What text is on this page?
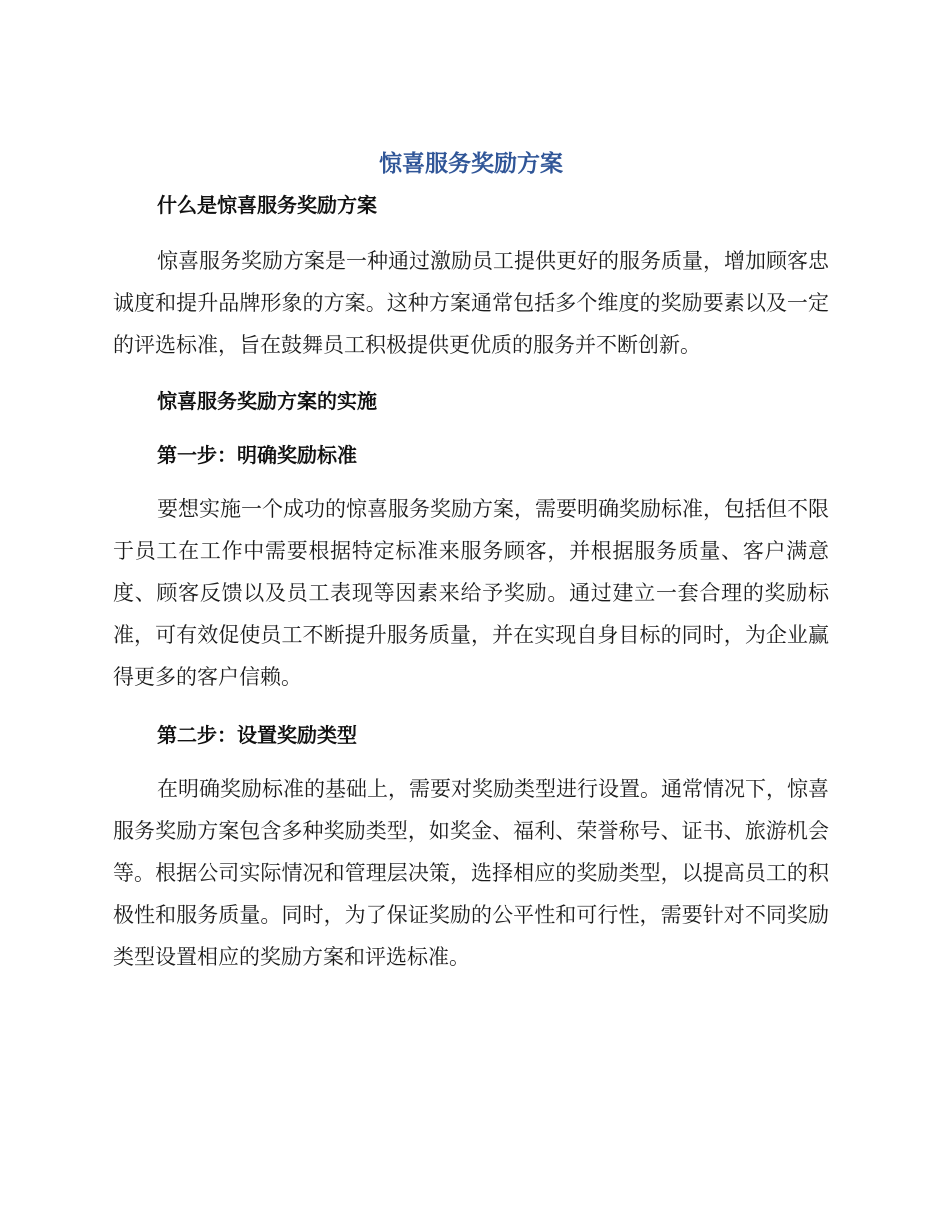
惊喜服务奖励方案
什么是惊喜服务奖励方案

惊喜服务奖励方案是一种通过激励员工提供更好的服务质量，增加顾客忠诚度和提升品牌形象的方案。这种方案通常包括多个维度的奖励要素以及一定的评选标准，旨在鼓舞员工积极提供更优质的服务并不断创新。

惊喜服务奖励方案的实施
第一步：明确奖励标准

要想实施一个成功的惊喜服务奖励方案，需要明确奖励标准，包括但不限于员工在工作中需要根据特定标准来服务顾客，并根据服务质量、客户满意度、顾客反馈以及员工表现等因素来给予奖励。通过建立一套合理的奖励标准，可有效促使员工不断提升服务质量，并在实现自身目标的同时，为企业赢得更多的客户信赖。

第二步：设置奖励类型

在明确奖励标准的基础上，需要对奖励类型进行设置。通常情况下，惊喜服务奖励方案包含多种奖励类型，如奖金、福利、荣誉称号、证书、旅游机会等。根据公司实际情况和管理层决策，选择相应的奖励类型，以提高员工的积极性和服务质量。同时，为了保证奖励的公平性和可行性，需要针对不同奖励类型设置相应的奖励方案和评选标准。
